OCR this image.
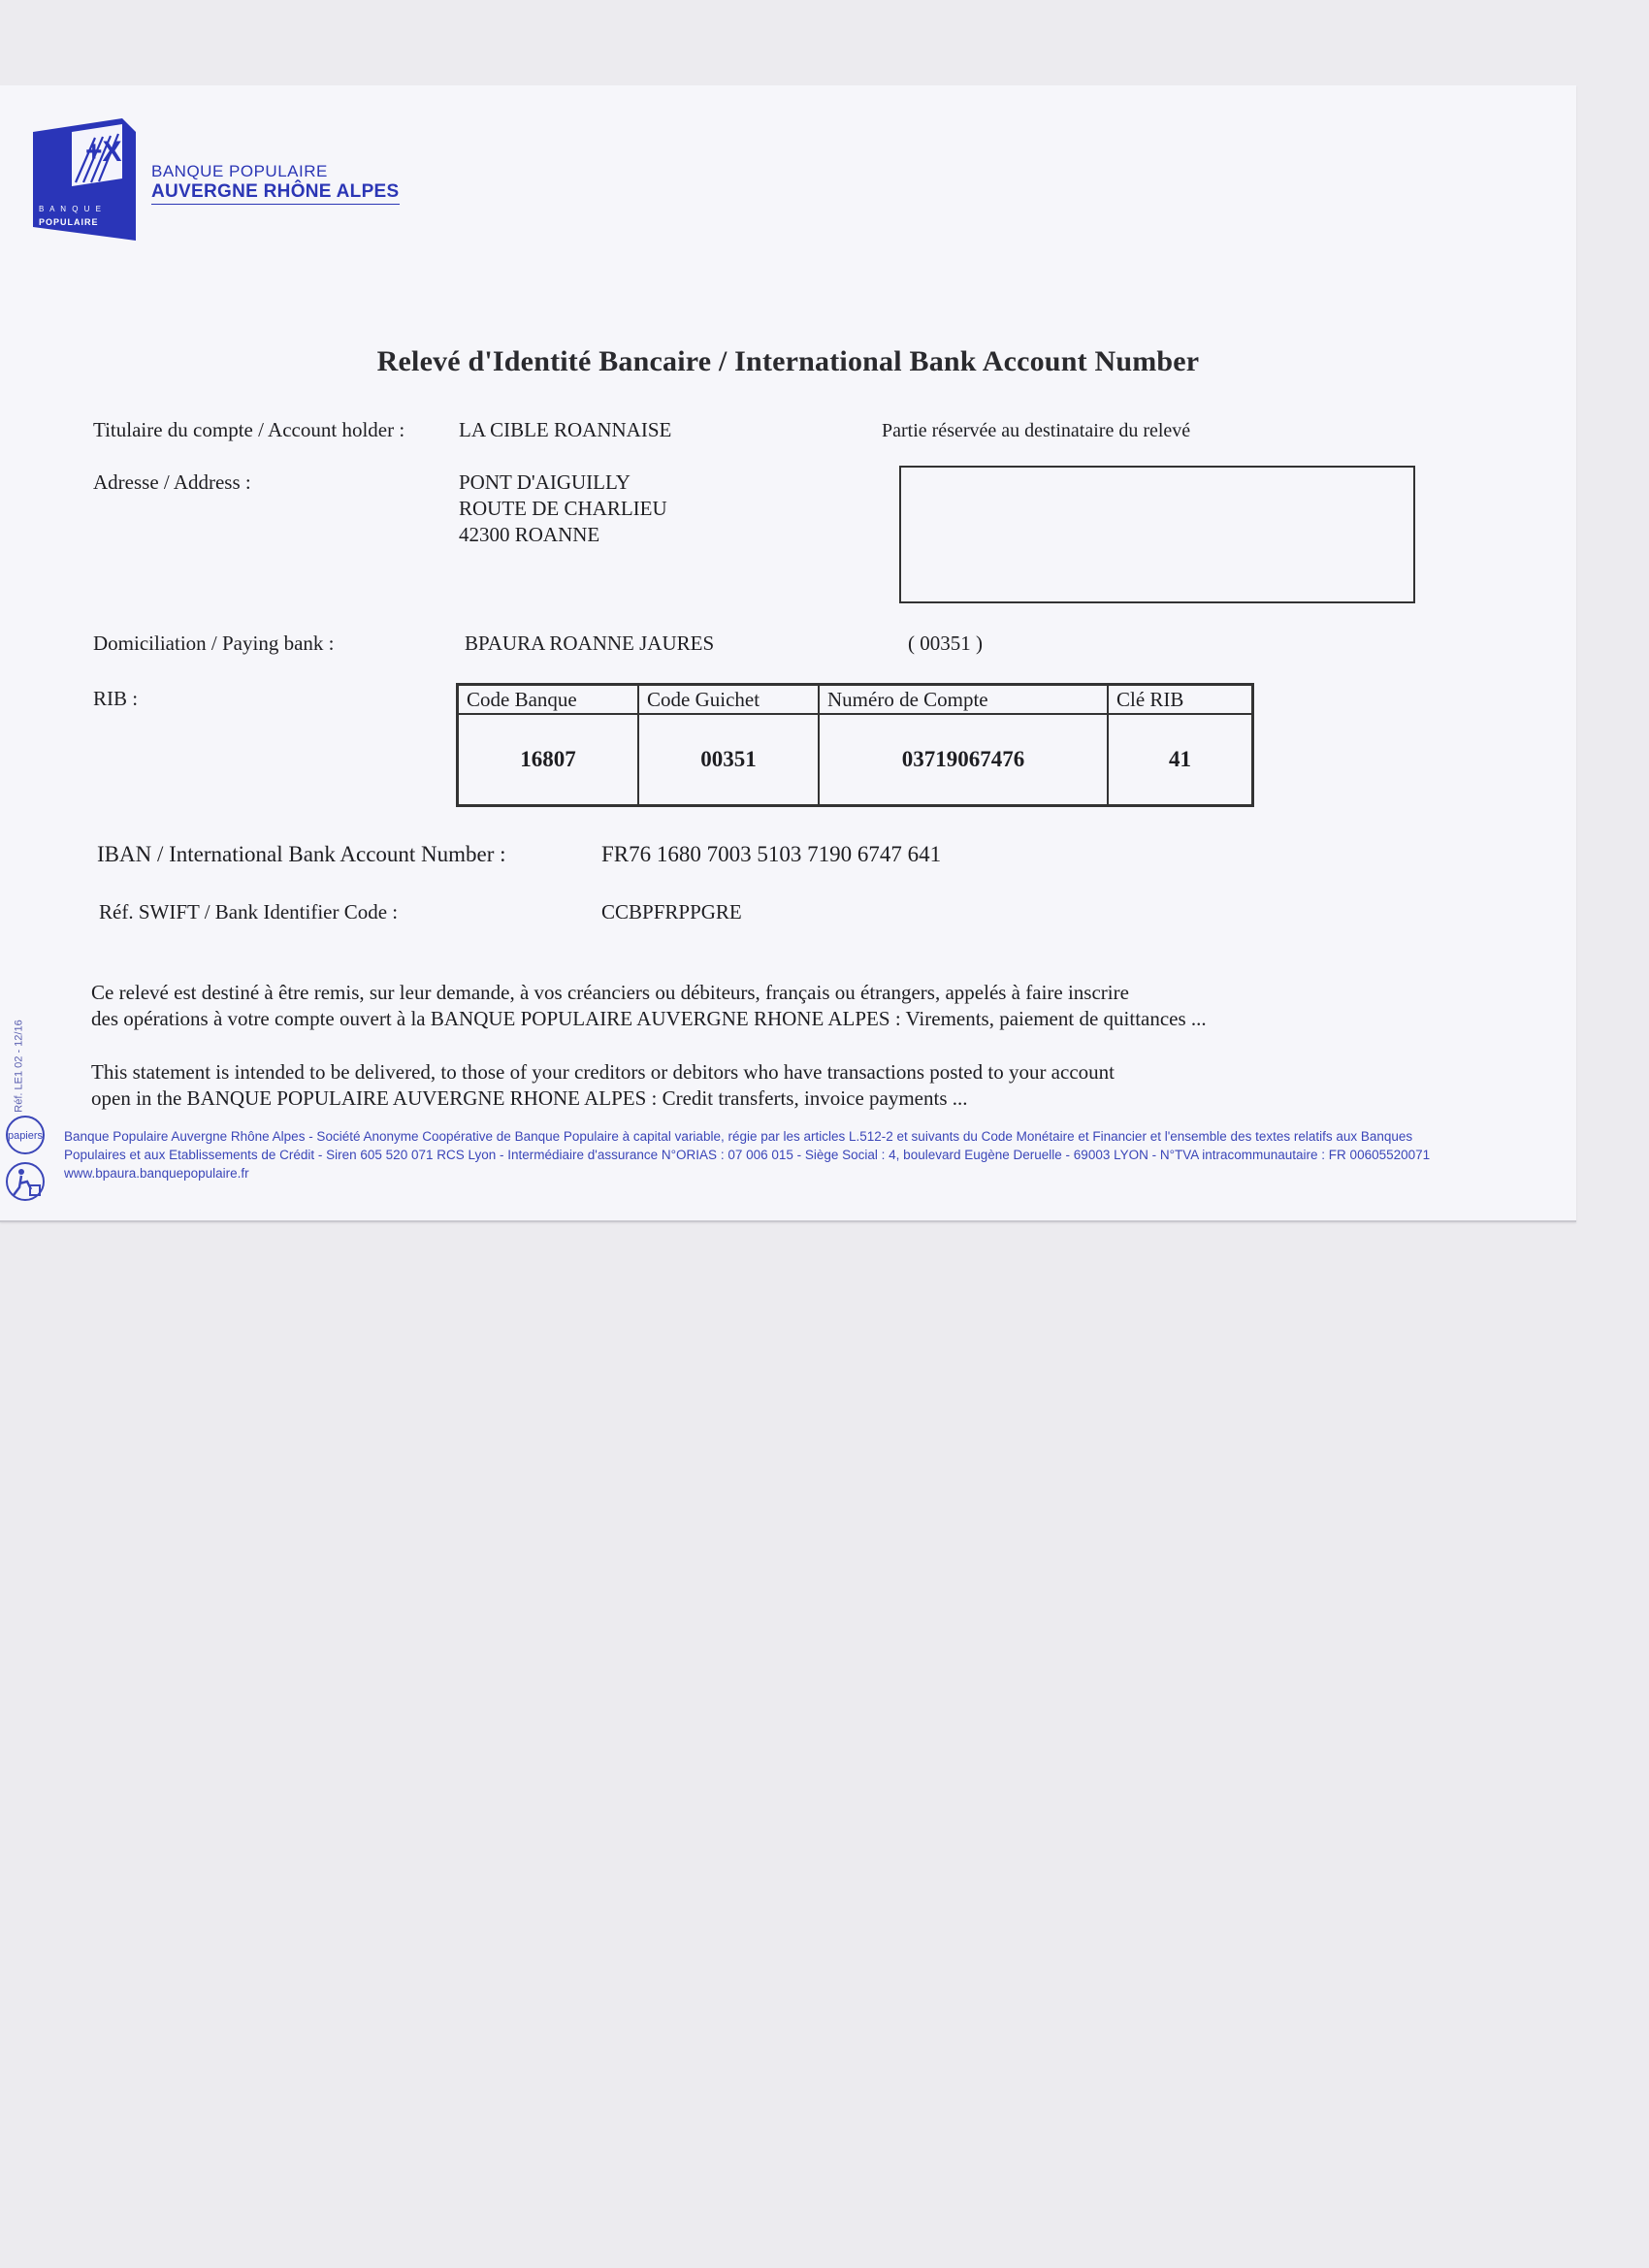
+X
B A N Q U E
POPULAIRE
BANQUE POPULAIRE
AUVERGNE RHÔNE ALPES
Relevé d'Identité Bancaire / International Bank Account Number
Titulaire du compte / Account holder :	LA CIBLE ROANNAISE	Partie réservée au destinataire du relevé
Adresse / Address :	PONT D'AIGUILLY
ROUTE DE CHARLIEU
42300 ROANNE
Domiciliation / Paying bank :	BPAURA ROANNE JAURES	( 00351 )
RIB :	Code Banque	Code Guichet	Numéro de Compte	Clé RIB
16807	00351	03719067476	41
IBAN / International Bank Account Number :	FR76 1680 7003 5103 7190 6747 641
Réf. SWIFT / Bank Identifier Code :	CCBPFRPPGRE
Ce relevé est destiné à être remis, sur leur demande, à vos créanciers ou débiteurs, français ou étrangers, appelés à faire inscrire
des opérations à votre compte ouvert à la BANQUE POPULAIRE AUVERGNE RHONE ALPES : Virements, paiement de quittances ...
This statement is intended to be delivered, to those of your creditors or debitors who have transactions posted to your account
open in the BANQUE POPULAIRE AUVERGNE RHONE ALPES : Credit transferts, invoice payments ...
Réf. LE1 02 - 12/16
papiers Banque Populaire Auvergne Rhône Alpes - Société Anonyme Coopérative de Banque Populaire à capital variable, régie par les articles L.512-2 et suivants du Code Monétaire et Financier et l'ensemble des textes relatifs aux Banques
Populaires et aux Etablissements de Crédit - Siren 605 520 071 RCS Lyon - Intermédiaire d'assurance N°ORIAS : 07 006 015 - Siège Social : 4, boulevard Eugène Deruelle - 69003 LYON - N°TVA intracommunautaire : FR 00605520071
www.bpaura.banquepopulaire.fr
